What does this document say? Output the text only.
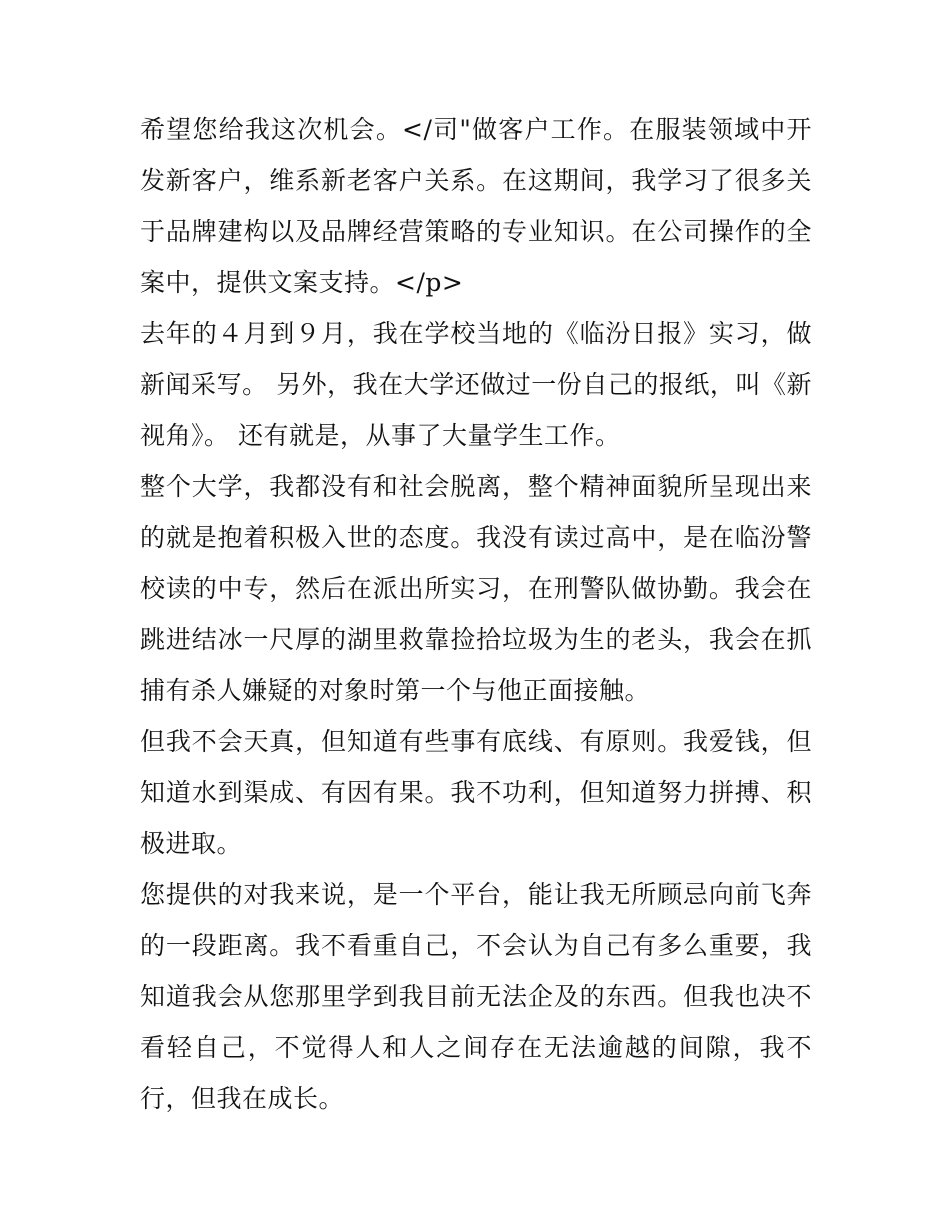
希望您给我这次机会。</司"做客户工作。在服装领域中开发新客户，维系新老客户关系。在这期间，我学习了很多关于品牌建构以及品牌经营策略的专业知识。在公司操作的全案中，提供文案支持。</p>

去年的４月到９月，我在学校当地的《临汾日报》实习，做新闻采写。 另外，我在大学还做过一份自己的报纸，叫《新视角》。 还有就是，从事了大量学生工作。

整个大学，我都没有和社会脱离，整个精神面貌所呈现出来的就是抱着积极入世的态度。我没有读过高中，是在临汾警校读的中专，然后在派出所实习，在刑警队做协勤。我会在跳进结冰一尺厚的湖里救靠捡拾垃圾为生的老头，我会在抓捕有杀人嫌疑的对象时第一个与他正面接触。

但我不会天真，但知道有些事有底线、有原则。我爱钱，但知道水到渠成、有因有果。我不功利，但知道努力拼搏、积极进取。

您提供的对我来说，是一个平台，能让我无所顾忌向前飞奔的一段距离。我不看重自己，不会认为自己有多么重要，我知道我会从您那里学到我目前无法企及的东西。但我也决不看轻自己，不觉得人和人之间存在无法逾越的间隙，我不行，但我在成长。
